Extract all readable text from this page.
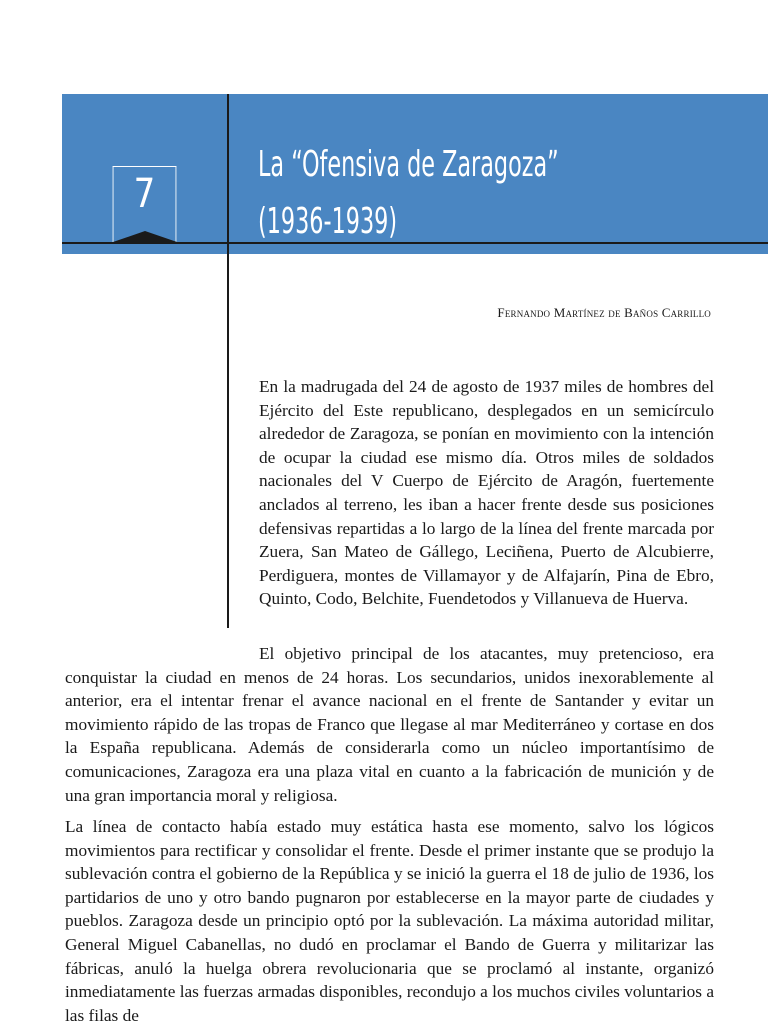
7
La “Ofensiva de Zaragoza”
(1936-1939)
Fernando Martínez de Baños Carrillo

En la madrugada del 24 de agosto de 1937 miles de hombres del Ejército del Este republicano, desplegados en un semicírculo alrededor de Zaragoza, se ponían en movimiento con la intención de ocupar la ciudad ese mismo día. Otros miles de soldados nacionales del V Cuerpo de Ejército de Aragón, fuertemente anclados al terreno, les iban a hacer frente desde sus posiciones defensivas repartidas a lo largo de la línea del frente marcada por Zuera, San Mateo de Gállego, Leciñena, Puerto de Alcubierre, Perdiguera, montes de Villamayor y de Alfajarín, Pina de Ebro, Quinto, Codo, Belchite, Fuendetodos y Villanueva de Huerva.

El objetivo principal de los atacantes, muy pretencioso, era conquistar la ciudad en menos de 24 horas. Los secundarios, unidos inexorablemente al anterior, era el intentar frenar el avance nacional en el frente de Santander y evitar un movimiento rápido de las tropas de Franco que llegase al mar Mediterráneo y cortase en dos la España republicana. Además de considerarla como un núcleo importantísimo de comunicaciones, Zaragoza era una plaza vital en cuanto a la fabricación de munición y de una gran importancia moral y religiosa.

La línea de contacto había estado muy estática hasta ese momento, salvo los lógicos movimientos para rectificar y consolidar el frente. Desde el primer instante que se produjo la sublevación contra el gobierno de la República y se inició la guerra el 18 de julio de 1936, los partidarios de uno y otro bando pugnaron por establecerse en la mayor parte de ciudades y pueblos. Zaragoza desde un principio optó por la sublevación. La máxima autoridad militar, General Miguel Cabanellas, no dudó en proclamar el Bando de Guerra y militarizar las fábricas, anuló la huelga obrera revolucionaria que se proclamó al instante, organizó inmediatamente las fuerzas armadas disponibles, recondujo a los muchos civiles voluntarios a las filas de
